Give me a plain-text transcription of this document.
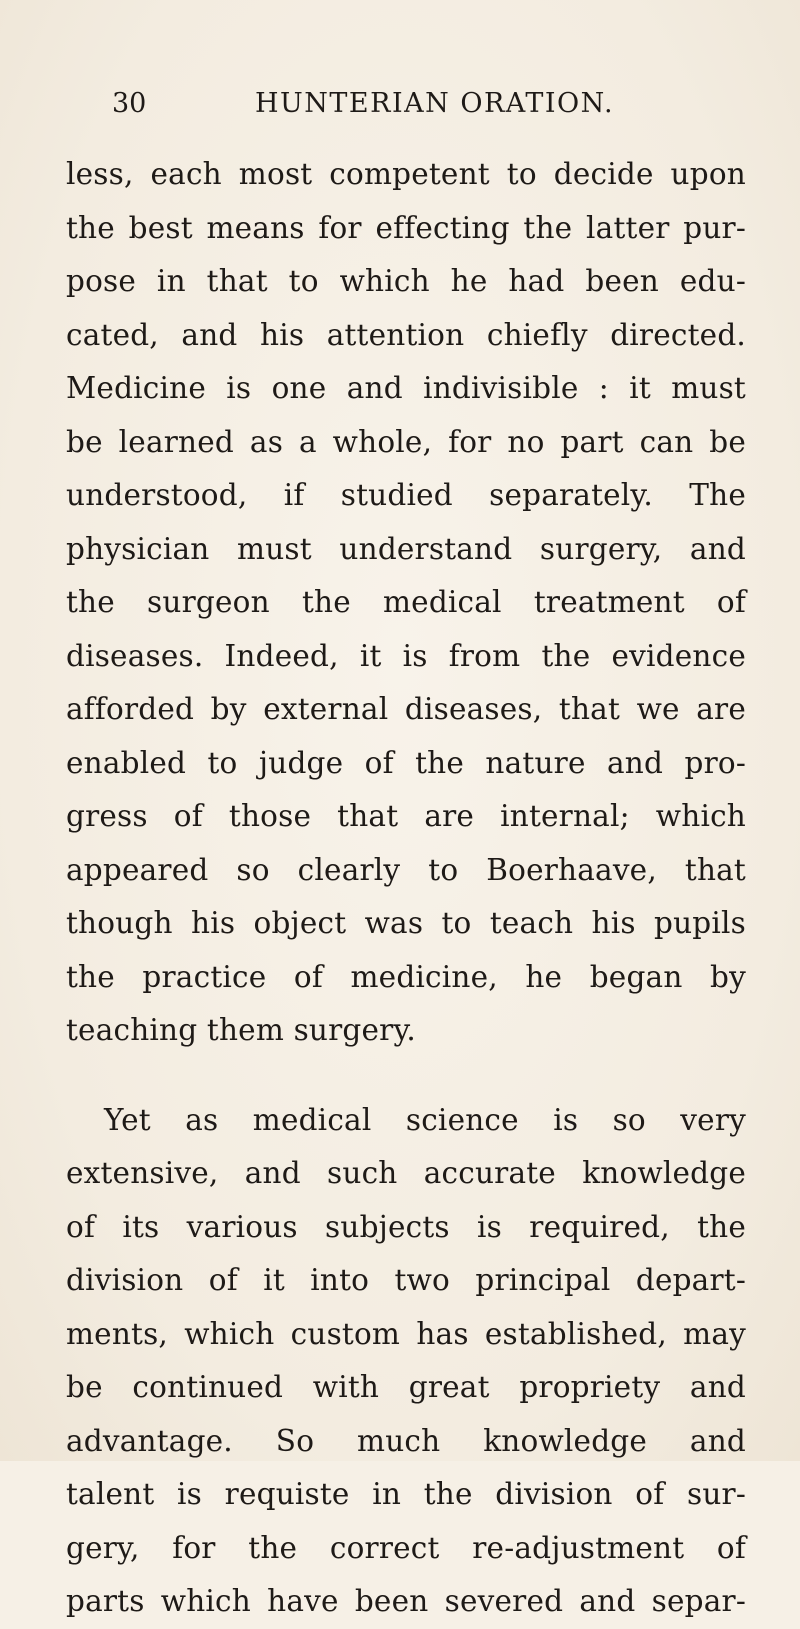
30	HUNTERIAN ORATION.
less, each most competent to decide upon
the best means for effecting the latter pur-
pose in that to which he had been edu-
cated, and his attention chiefly directed.
Medicine is one and indivisible : it must
be learned as a whole, for no part can be
understood, if studied separately. The
physician must understand surgery, and
the surgeon the medical treatment of
diseases. Indeed, it is from the evidence
afforded by external diseases, that we are
enabled to judge of the nature and pro-
gress of those that are internal; which
appeared so clearly to Boerhaave, that
though his object was to teach his pupils
the practice of medicine, he began by
teaching them surgery.
Yet as medical science is so very
extensive, and such accurate knowledge
of its various subjects is required, the
division of it into two principal depart-
ments, which custom has established, may
be continued with great propriety and
advantage. So much knowledge and
talent is requiste in the division of sur-
gery, for the correct re-adjustment of
parts which have been severed and separ-
